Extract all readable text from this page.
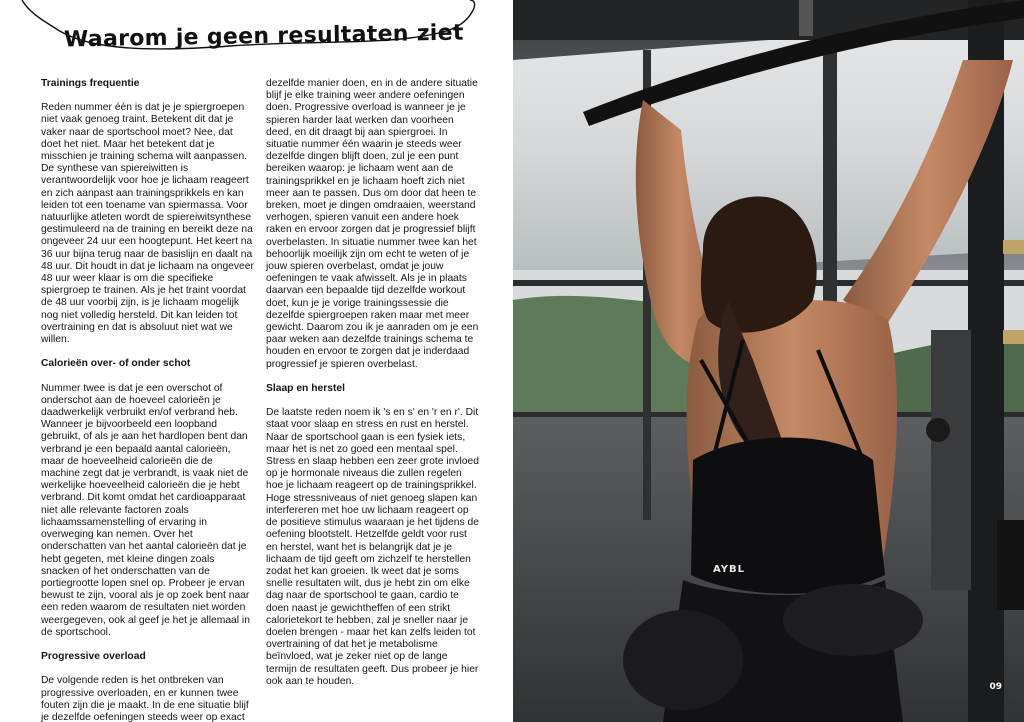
Waarom je geen resultaten ziet
Trainings frequentie

Reden nummer één is dat je je spiergroepen niet vaak genoeg traint. Betekent dit dat je vaker naar de sportschool moet? Nee, dat doet het niet. Maar het betekent dat je misschien je training schema wilt aanpassen. De synthese van spiereiwitten is verantwoordelijk voor hoe je lichaam reageert en zich aanpast aan trainingsprikkels en kan leiden tot een toename van spiermassa. Voor natuurlijke atleten wordt de spiereiwitsynthese gestimuleerd na de training en bereikt deze na ongeveer 24 uur een hoogtepunt. Het keert na 36 uur bijna terug naar de basislijn en daalt na 48 uur. Dit houdt in dat je lichaam na ongeveer 48 uur weer klaar is om die specifieke spiergroep te trainen. Als je het traint voordat de 48 uur voorbij zijn, is je lichaam mogelijk nog niet volledig hersteld. Dit kan leiden tot overtraining en dat is absoluut niet wat we willen.

Calorieën over- of onder schot

Nummer twee is dat je een overschot of onderschot aan de hoeveel calorieën je daadwerkelijk verbruikt en/of verbrand heb. Wanneer je bijvoorbeeld een loopband gebruikt, of als je aan het hardlopen bent dan verbrand je een bepaald aantal calorieën, maar de hoeveelheid calorieën die de machine zegt dat je verbrandt, is vaak niet de werkelijke hoeveelheid calorieën die je hebt verbrand. Dit komt omdat het cardioapparaat niet alle relevante factoren zoals lichaamssamenstelling of ervaring in overweging kan nemen. Over het onderschatten van het aantal calorieën dat je hebt gegeten, met kleine dingen zoals snacken of het onderschatten van de portiegrootte lopen snel op. Probeer je ervan bewust te zijn, vooral als je op zoek bent naar een reden waarom de resultaten niet worden weergegeven, ook al geef je het je allemaal in de sportschool.

Progressive overload

De volgende reden is het ontbreken van progressive overloaden, en er kunnen twee fouten zijn die je maakt. In de ene situatie blijf je dezelfde oefeningen steeds weer op exact

dezelfde manier doen, en in de andere situatie blijf je elke training weer andere oefeningen doen. Progressive overload is wanneer je je spieren harder laat werken dan voorheen deed, en dit draagt bij aan spiergroei. In situatie nummer één waarin je steeds weer dezelfde dingen blijft doen, zul je een punt bereiken waarop: je lichaam went aan de trainingsprikkel en je lichaam hoeft zich niet meer aan te passen. Dus om door dat heen te breken, moet je dingen omdraaien, weerstand verhogen, spieren vanuit een andere hoek raken en ervoor zorgen dat je progressief blijft overbelasten. In situatie nummer twee kan het behoorlijk moeilijk zijn om echt te weten of je jouw spieren overbelast, omdat je jouw oefeningen te vaak afwisselt. Als je in plaats daarvan een bepaalde tijd dezelfde workout doet, kun je je vorige trainingssessie die dezelfde spiergroepen raken maar met meer gewicht. Daarom zou ik je aanraden om je een paar weken aan dezelfde trainings schema te houden en ervoor te zorgen dat je inderdaad progressief je spieren overbelast.

Slaap en herstel

De laatste reden noem ik 's en s' en 'r en r'. Dit staat voor slaap en stress en rust en herstel. Naar de sportschool gaan is een fysiek iets, maar het is net zo goed een mentaal spel. Stress en slaap hebben een zeer grote invloed op je hormonale niveaus die zullen regelen hoe je lichaam reageert op de trainingsprikkel. Hoge stressniveaus of niet genoeg slapen kan interfereren met hoe uw lichaam reageert op de positieve stimulus waaraan je het tijdens de oefening blootstelt. Hetzelfde geldt voor rust en herstel, want het is belangrijk dat je je lichaam de tijd geeft om zichzelf te herstellen zodat het kan groeien. Ik weet dat je soms snelle resultaten wilt, dus je hebt zin om elke dag naar de sportschool te gaan, cardio te doen naast je gewichtheffen of een strikt calorietekort te hebben, zal je sneller naar je doelen brengen - maar het kan zelfs leiden tot overtraining of dat het je metabolisme beïnvloed, wat je zeker niet op de lange termijn de resultaten geeft. Dus probeer je hier ook aan te houden.

AYBL
09
